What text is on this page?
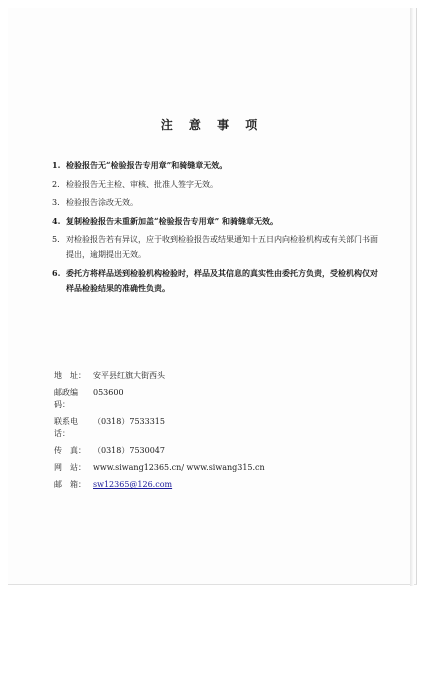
注 意 事 项
1. 检验报告无“检验报告专用章”和骑缝章无效。
2. 检验报告无主检、审核、批准人签字无效。
3. 检验报告涂改无效。
4. 复制检验报告未重新加盖“检验报告专用章” 和骑缝章无效。
5. 对检验报告若有异议，应于收到检验报告或结果通知十五日内向检验机构或有关部门书面提出，逾期提出无效。
6. 委托方将样品送到检验机构检验时，样品及其信息的真实性由委托方负责，受检机构仅对样品检验结果的准确性负责。
地 址： 安平县红旗大街西头
邮政编码：
053600
联系电话：
（0318）7533315
传 真： （0318）7530047
网 站： www.siwang12365.cn/ www.siwang315.cn
邮 箱： sw12365@126.com
